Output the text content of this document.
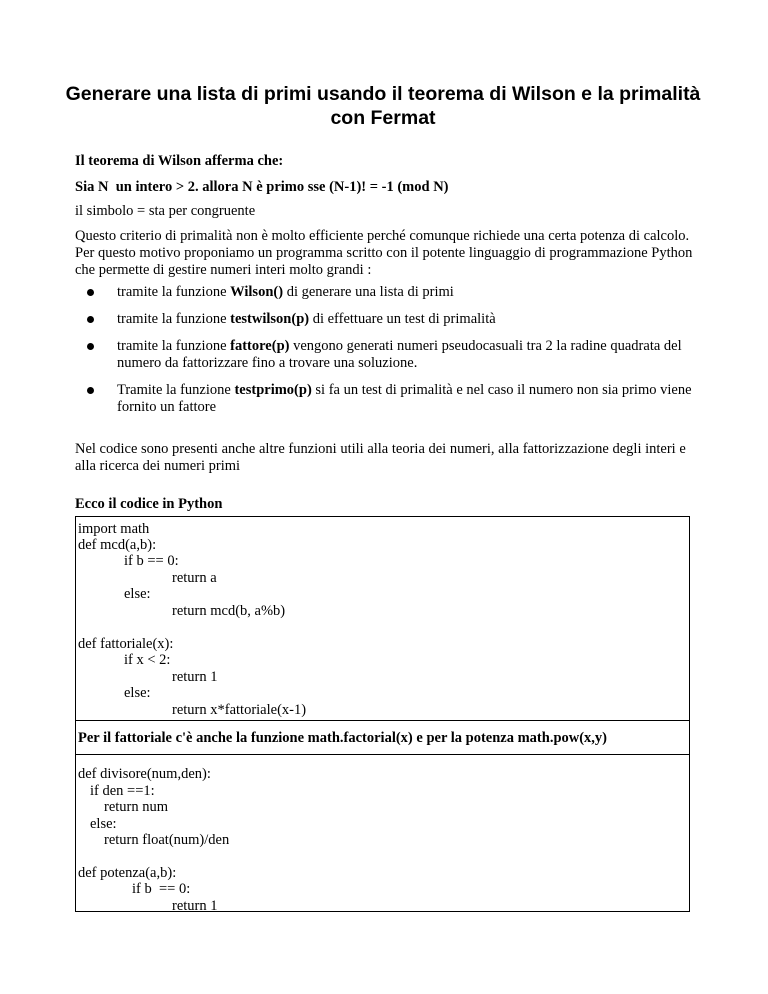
Generare una lista di primi usando il teorema di Wilson e la primalità con Fermat

Il teorema di Wilson afferma che:

Sia N  un intero > 2. allora N è primo sse (N-1)! = -1 (mod N)

il simbolo = sta per congruente

Questo criterio di primalità non è molto efficiente perché comunque richiede una certa potenza di calcolo. Per questo motivo proponiamo un programma scritto con il potente linguaggio di programmazione Python che permette di gestire numeri interi molto grandi :

tramite la funzione Wilson() di generare una lista di primi
tramite la funzione testwilson(p) di effettuare un test di primalità
tramite la funzione fattore(p) vengono generati numeri pseudocasuali tra 2 la radine quadrata del numero da fattorizzare fino a trovare una soluzione.
Tramite la funzione testprimo(p) si fa un test di primalità e nel caso il numero non sia primo viene fornito un fattore

Nel codice sono presenti anche altre funzioni utili alla teoria dei numeri, alla fattorizzazione degli interi e alla ricerca dei numeri primi

Ecco il codice in Python

import math
def mcd(a,b):
if b == 0:
return a
else:
return mcd(b, a%b)
def fattoriale(x):
if x < 2:
return 1
else:
return x*fattoriale(x-1)
Per il fattoriale c'è anche la funzione math.factorial(x) e per la potenza math.pow(x,y)
def divisore(num,den):
if den ==1:
return num
else:
return float(num)/den
def potenza(a,b):
if b  == 0:
return 1
